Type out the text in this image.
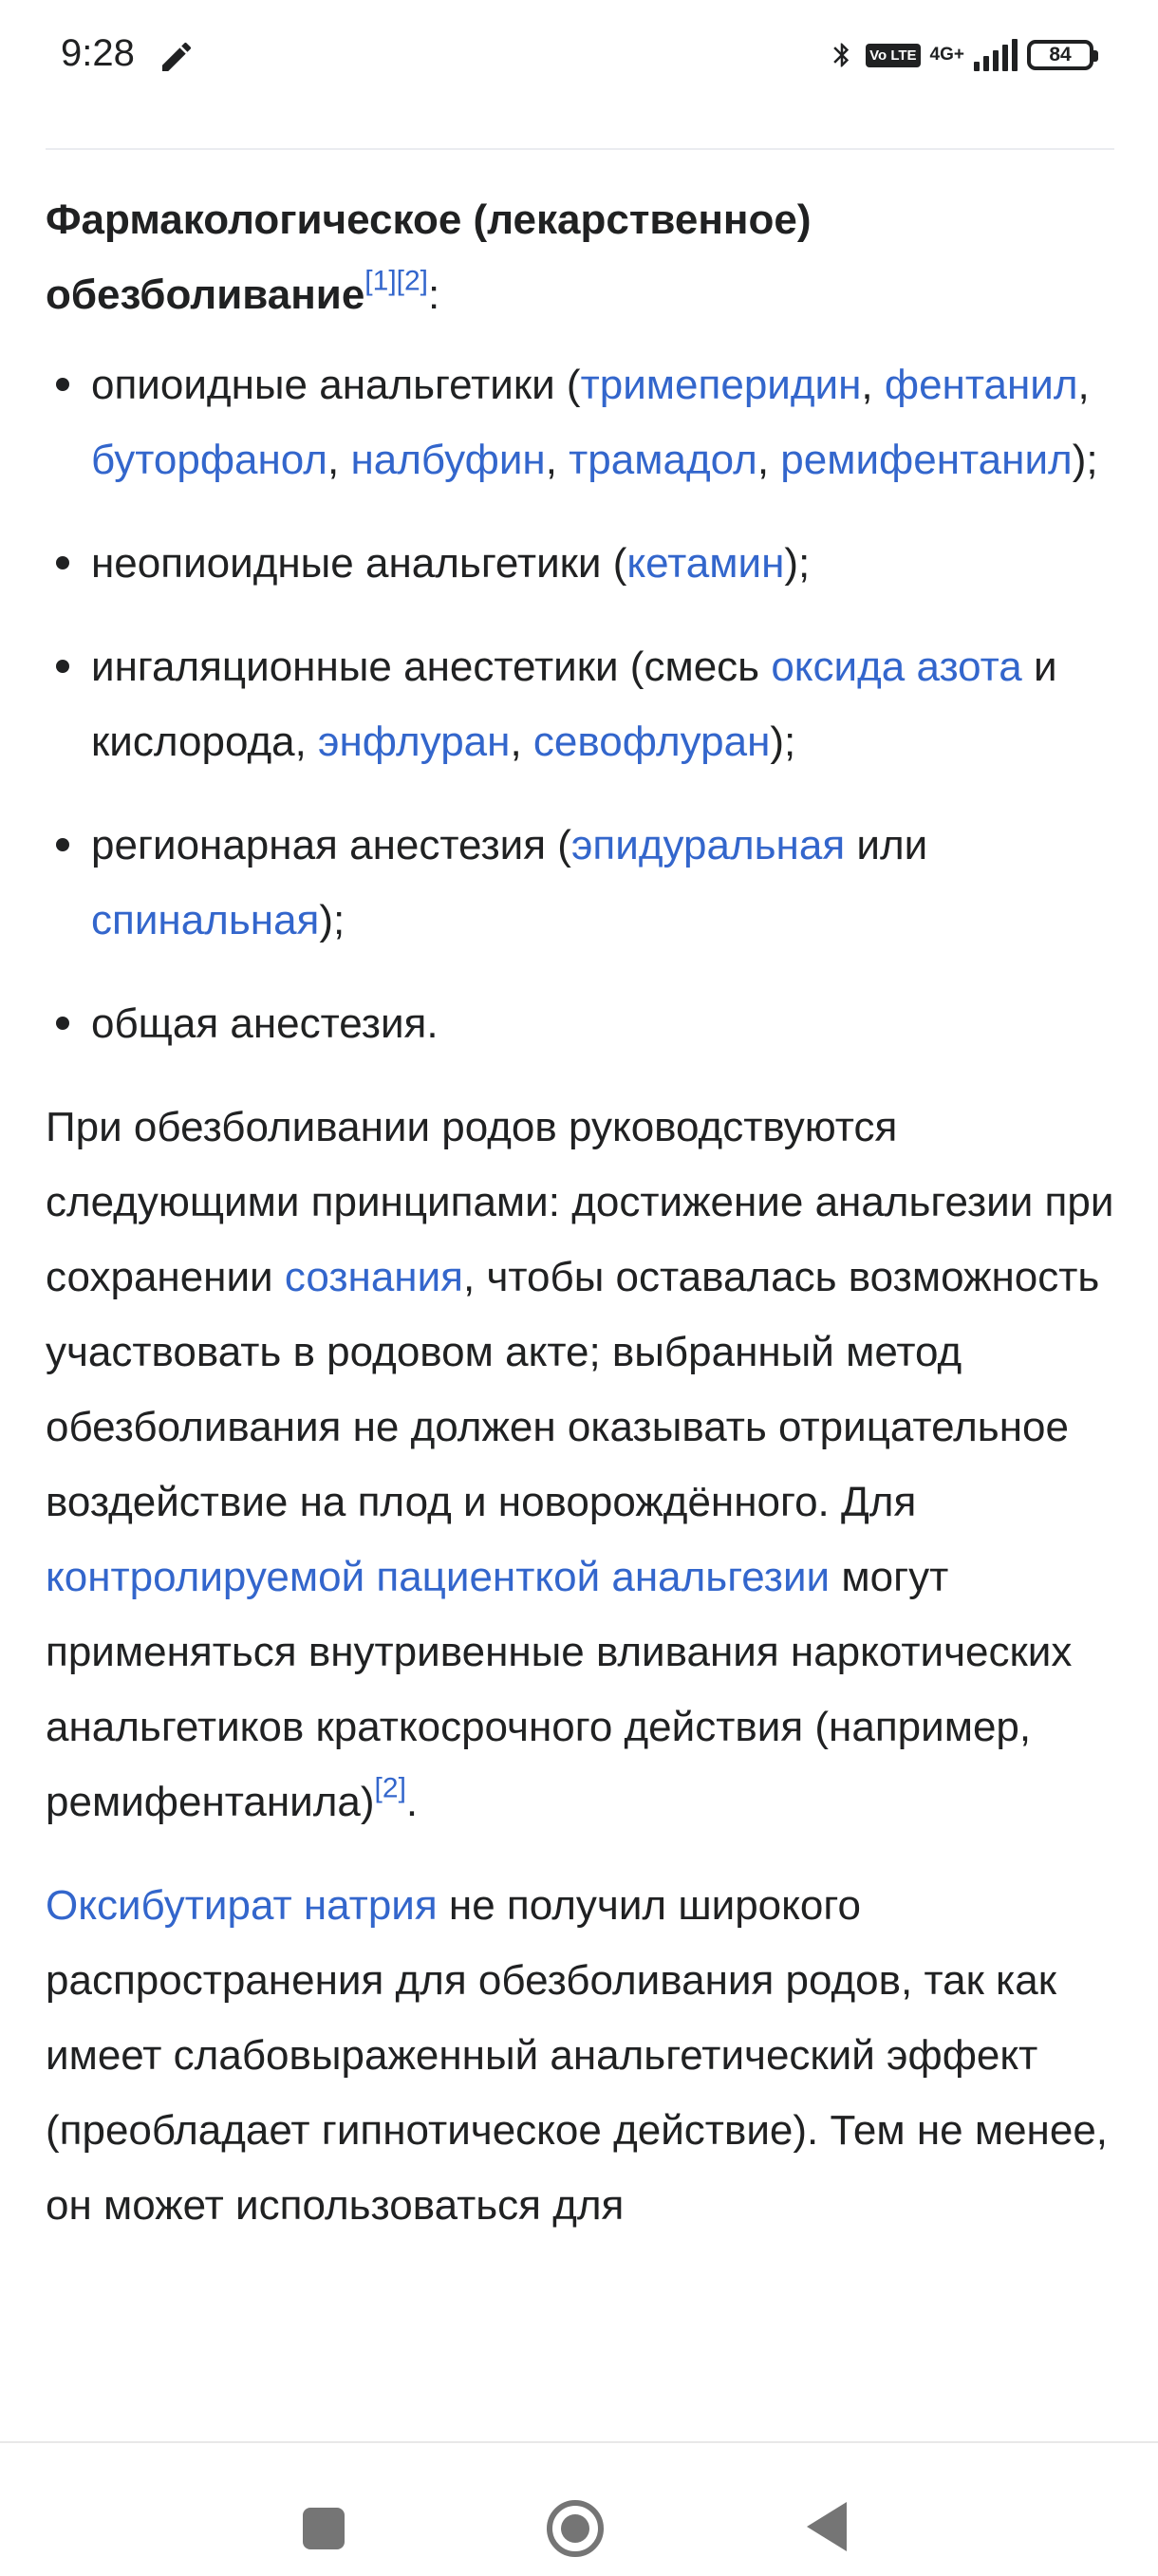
9:28	Vo LTE 4G+	84
Фармакологическое (лекарственное) обезболивание[1][2]:
опиоидные анальгетики (тримеперидин, фентанил, буторфанол, налбуфин, трамадол, ремифентанил);
неопиоидные анальгетики (кетамин);
ингаляционные анестетики (смесь оксида азота и кислорода, энфлуран, севофлуран);
регионарная анестезия (эпидуральная или спинальная);
общая анестезия.

При обезболивании родов руководствуются следующими принципами: достижение анальгезии при сохранении сознания, чтобы оставалась возможность участвовать в родовом акте; выбранный метод обезболивания не должен оказывать отрицательное воздействие на плод и новорождённого. Для контролируемой пациенткой анальгезии могут применяться внутривенные вливания наркотических анальгетиков краткосрочного действия (например, ремифентанила)[2].

Оксибутират натрия не получил широкого распространения для обезболивания родов, так как имеет слабовыраженный анальгетический эффект (преобладает гипнотическое действие). Тем не менее, он может использоваться для
